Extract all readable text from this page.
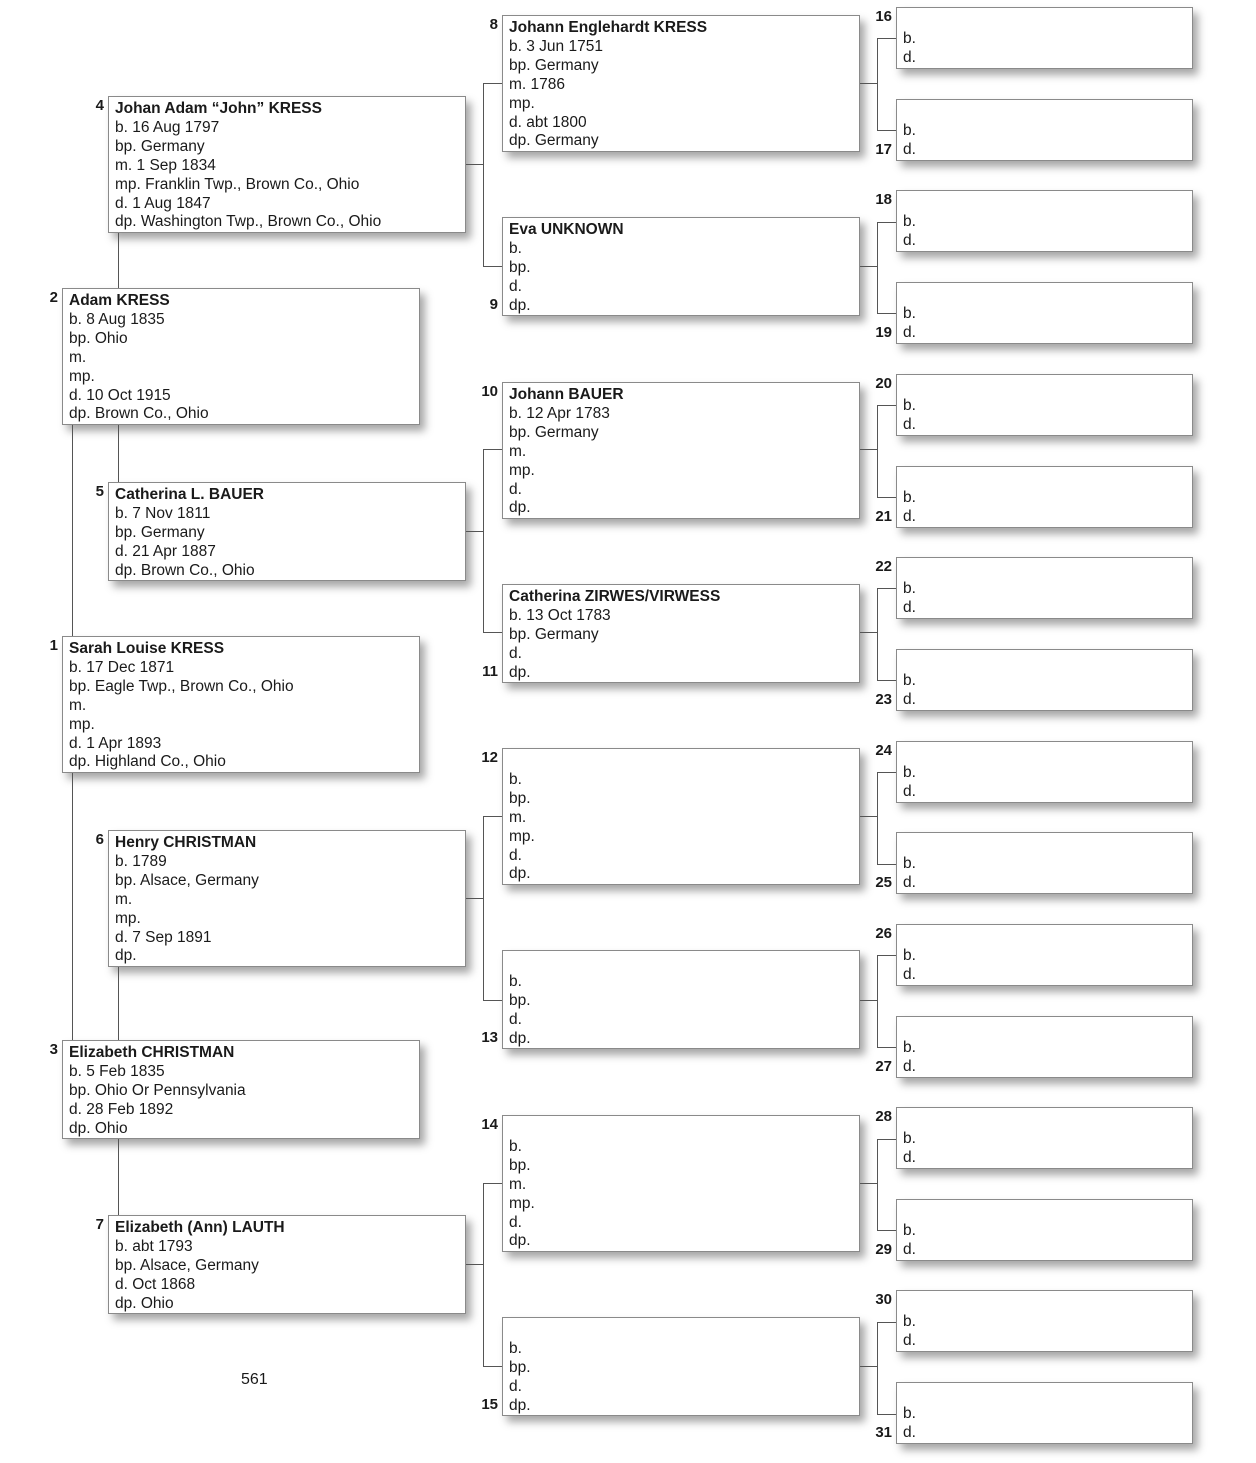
Sarah Louise KRESS
b. 17 Dec 1871
bp. Eagle Twp., Brown Co., Ohio
m.
mp.
d. 1 Apr 1893
dp. Highland Co., Ohio
1
Adam KRESS
b. 8 Aug 1835
bp. Ohio
m.
mp.
d. 10 Oct 1915
dp. Brown Co., Ohio
2
Elizabeth CHRISTMAN
b. 5 Feb 1835
bp. Ohio Or Pennsylvania
d. 28 Feb 1892
dp. Ohio
3
Johan Adam “John” KRESS
b. 16 Aug 1797
bp. Germany
m. 1 Sep 1834
mp. Franklin Twp., Brown Co., Ohio
d. 1 Aug 1847
dp. Washington Twp., Brown Co., Ohio
4
Catherina L. BAUER
b. 7 Nov 1811
bp. Germany
d. 21 Apr 1887
dp. Brown Co., Ohio
5
Henry CHRISTMAN
b. 1789
bp. Alsace, Germany
m.
mp.
d. 7 Sep 1891
dp.
6
Elizabeth (Ann) LAUTH
b. abt 1793
bp. Alsace, Germany
d. Oct 1868
dp. Ohio
7
Johann Englehardt KRESS
b. 3 Jun 1751
bp. Germany
m. 1786
mp.
d. abt 1800
dp. Germany
8
Eva UNKNOWN
b.
bp.
d.
dp.
9
Johann BAUER
b. 12 Apr 1783
bp. Germany
m.
mp.
d.
dp.
10
Catherina ZIRWES/VIRWESS
b. 13 Oct 1783
bp. Germany
d.
dp.
11

b.
bp.
m.
mp.
d.
dp.
12

b.
bp.
d.
dp.
13

b.
bp.
m.
mp.
d.
dp.
14

b.
bp.
d.
dp.
15

b.
d.
16

b.
d.
17

b.
d.
18

b.
d.
19

b.
d.
20

b.
d.
21

b.
d.
22

b.
d.
23

b.
d.
24

b.
d.
25

b.
d.
26

b.
d.
27

b.
d.
28

b.
d.
29

b.
d.
30

b.
d.
31
561
